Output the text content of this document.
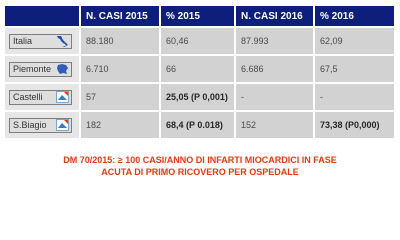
	N. CASI 2015	% 2015	N. CASI 2016	% 2016

Italia	88.180	60,46	87.993	62,09

Piemonte	6.710	66	6.686	67,5

Castelli	57	25,05 (P 0,001)	-	-

S.Biagio	182	68,4 (P 0.018)	152	73,38 (P0,000)
DM 70/2015: ≥ 100 CASI/ANNO DI INFARTI MIOCARDICI IN FASE
ACUTA DI PRIMO RICOVERO PER OSPEDALE
